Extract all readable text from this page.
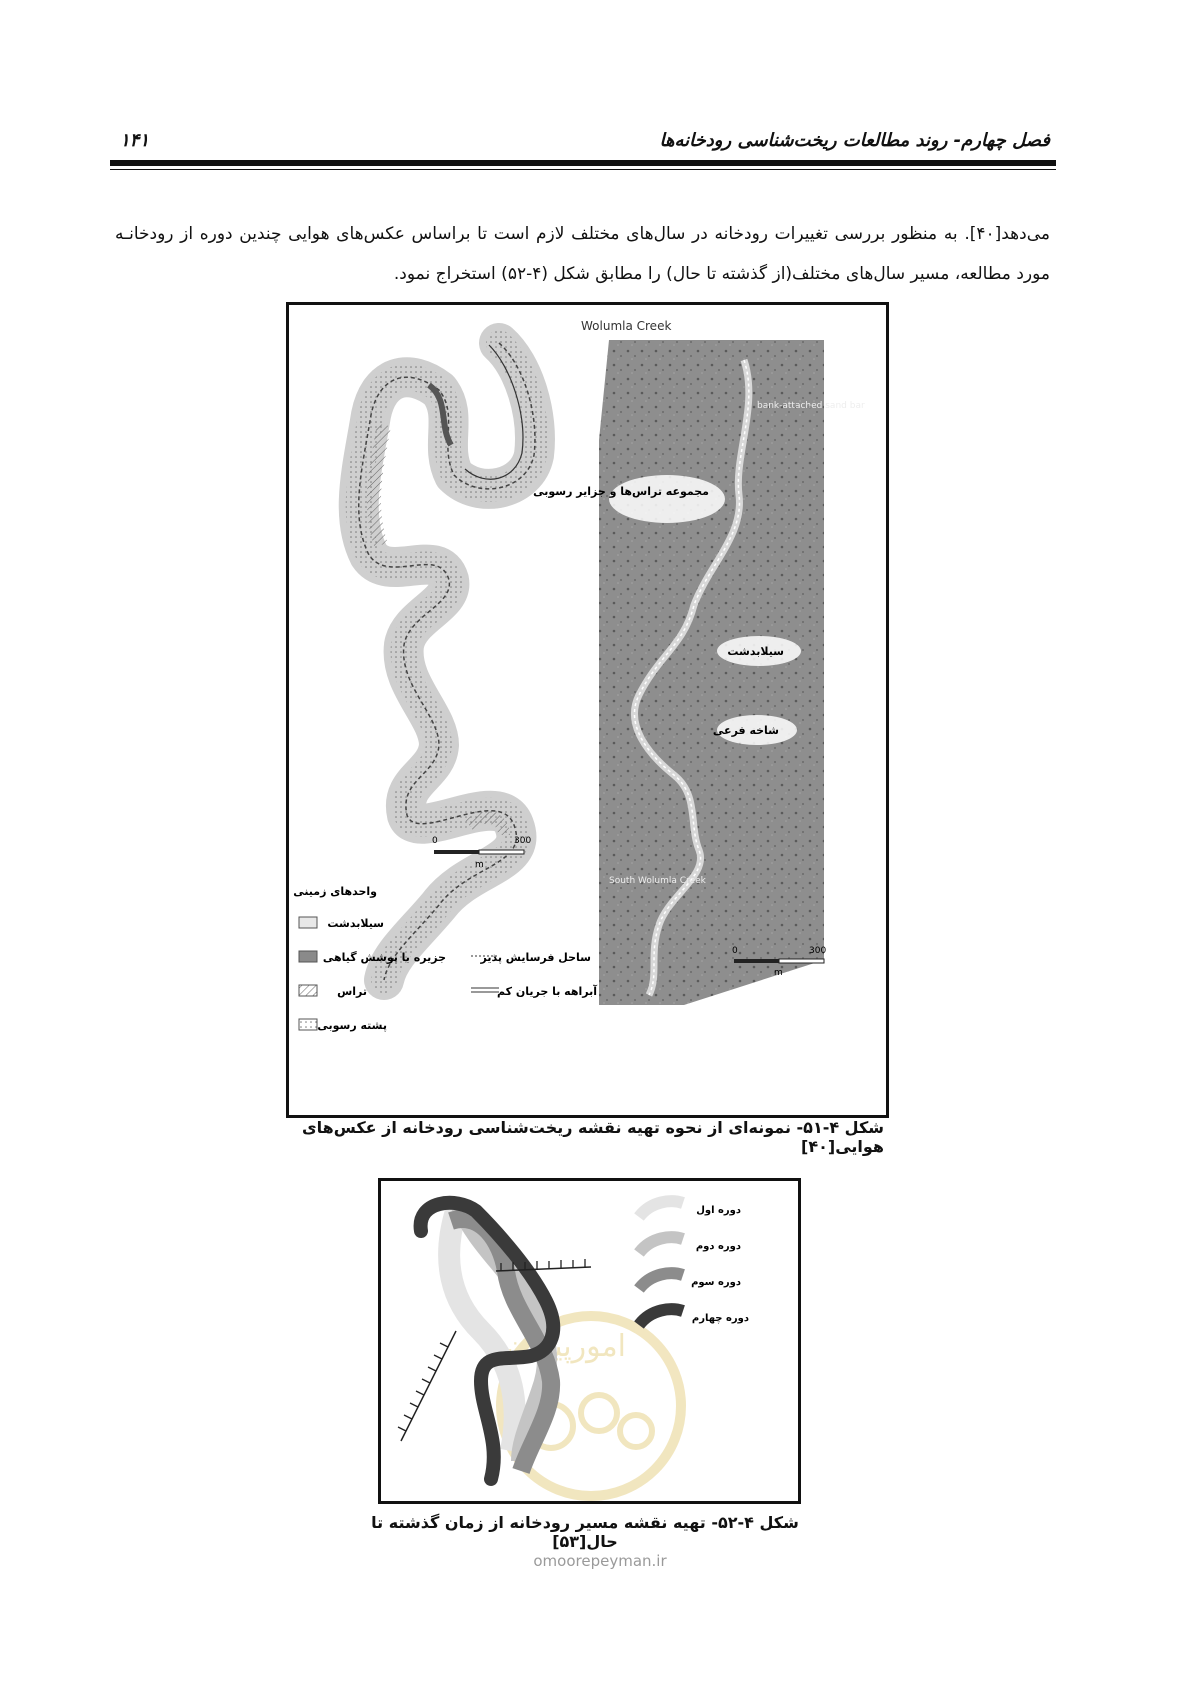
۱۴۱	فصل چهارم- روند مطالعات ریخت‌شناسی رودخانه‌ها
می‌دهد[۴۰]. به منظور بررسی تغییرات رودخانه در سال‌های مختلف لازم است تا براساس عکس‌های هوایی چندین دوره از رودخانـه مورد مطالعه، مسیر سال‌های مختلف(از گذشته تا حال) را مطابق شکل (۴-۵۲) استخراج نمود.
0	300
m
واحدهای زمینی
سیلابدشت
جزیره با پوشش گیاهی
تراس
پشته رسوبی
ساحل فرسایش پذیر
آبراهه با جریان کم
Wolumla Creek
bank-attached sand bar
مجموعه تراس‌ها و جزایر رسوبی
سیلابدشت
شاخه فرعی
South Wolumla Creek
0	300
m
شکل ۴-۵۱- نمونه‌ای از نحوه تهیه نقشه ریخت‌شناسی رودخانه از عکس‌های هوایی[۴۰]
امورپیمان
دوره اول
دوره دوم
دوره سوم
دوره چهارم
شکل ۴-۵۲- تهیه نقشه مسیر رودخانه از زمان گذشته تا حال[۵۳]
omoorepeyman.ir
